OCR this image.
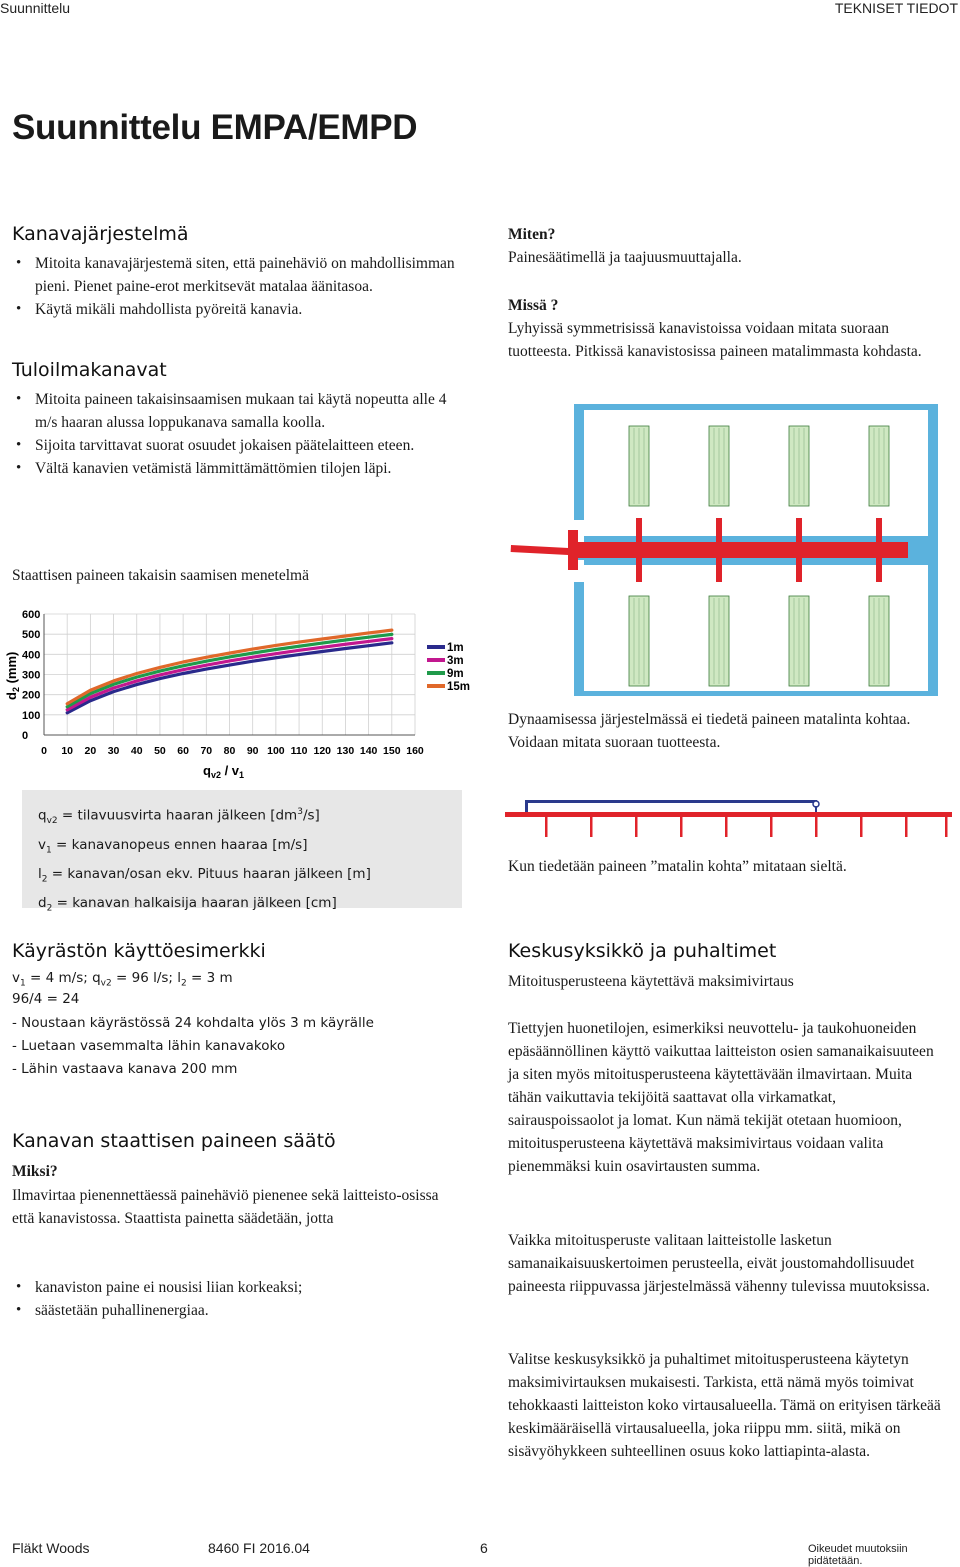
Suunnittelu	TEKNISET TIEDOT
Suunnittelu EMPA/EMPD
Kanavajärjestelmä
• Mitoita kanavajärjestemä siten, että painehäviö on mahdollisimman pieni. Pienet paine-erot merkitsevät matalaa äänitasoa.
• Käytä mikäli mahdollista pyöreitä kanavia.
Tuloilmakanavat
• Mitoita paineen takaisinsaamisen mukaan tai käytä nopeutta alle 4 m/s haaran alussa loppukanava samalla koolla.
• Sijoita tarvittavat suorat osuudet jokaisen päätelaitteen eteen.
• Vältä kanavien vetämistä lämmittämättömien tilojen läpi.
Staattisen paineen takaisin saamisen menetelmä
0
100
200
300
400
500
600
0 10 20 30 40 50 60 70 80 90 100 110 120 130 140 150 160
1m
3m
9m
15m
$d_2$ (mm)
$q_{v2} / v_1$
$q_{v2}$ = tilavuusvirta haaran jälkeen $[dm^3/s]$
$v_1$ = kanavanopeus ennen haaraa [m/s]
$l_2$ = kanavan/osan ekv. Pituus haaran jälkeen [m]
$d_2$ = kanavan halkaisija haaran jälkeen [cm]
Miten?
Painesäätimellä ja taajuusmuuttajalla.
Missä ?
Lyhyissä symmetrisissä kanavistoissa voidaan mitata suoraan tuotteesta. Pitkissä kanavistosissa paineen matalimmasta kohdasta.
Dynaamisessa järjestelmässä ei tiedetä paineen matalinta kohtaa. Voidaan mitata suoraan tuotteesta.
Kun tiedetään paineen ”matalin kohta” mitataan sieltä.
Käyrästön käyttöesimerkki
$v_1 = 4$ m/s; $q_{v2} = 96$ l/s; $l_2 = 3$ m
96/4 = 24
- Noustaan käyrästössä 24 kohdalta ylös 3 m käyrälle
- Luetaan vasemmalta lähin kanavakoko
- Lähin vastaava kanava 200 mm
Kanavan staattisen paineen säätö
Miksi?
Ilmavirtaa pienennettäessä painehäviö pienenee sekä laitteisto-osissa että kanavistossa. Staattista painetta säädetään, jotta
• kanaviston paine ei nousisi liian korkeaksi;
• säästetään puhallinenergiaa.
Keskusyksikkö ja puhaltimet
Mitoitusperusteena käytettävä maksimivirtaus
Tiettyjen huonetilojen, esimerkiksi neuvottelu- ja taukohuoneiden epäsäännöllinen käyttö vaikuttaa laitteiston osien samanaikaisuuteen ja siten myös mitoitusperusteena käytettävään ilmavirtaan. Muita tähän vaikuttavia tekijöitä saattavat olla virkamatkat, sairauspoissaolot ja lomat. Kun nämä tekijät otetaan huomioon, mitoitusperusteena käytettävä maksimivirtaus voidaan valita pienemmäksi kuin osavirtausten summa.
Vaikka mitoitusperuste valitaan laitteistolle lasketun samanaikaisuuskertoimen perusteella, eivät joustomahdollisuudet paineesta riippuvassa järjestelmässä vähenny tulevissa muutoksissa.
Valitse keskusyksikkö ja puhaltimet mitoitusperusteena käytetyn maksimivirtauksen mukaisesti. Tarkista, että nämä myös toimivat tehokkaasti laitteiston koko virtausalueella. Tämä on erityisen tärkeää keskimääräisellä virtausalueella, joka riippu mm. siitä, mikä on sisävyöhykkeen suhteellinen osuus koko lattiapinta-alasta.
Fläkt Woods	8460 FI 2016.04	6	Oikeudet muutoksiin pidätetään.
